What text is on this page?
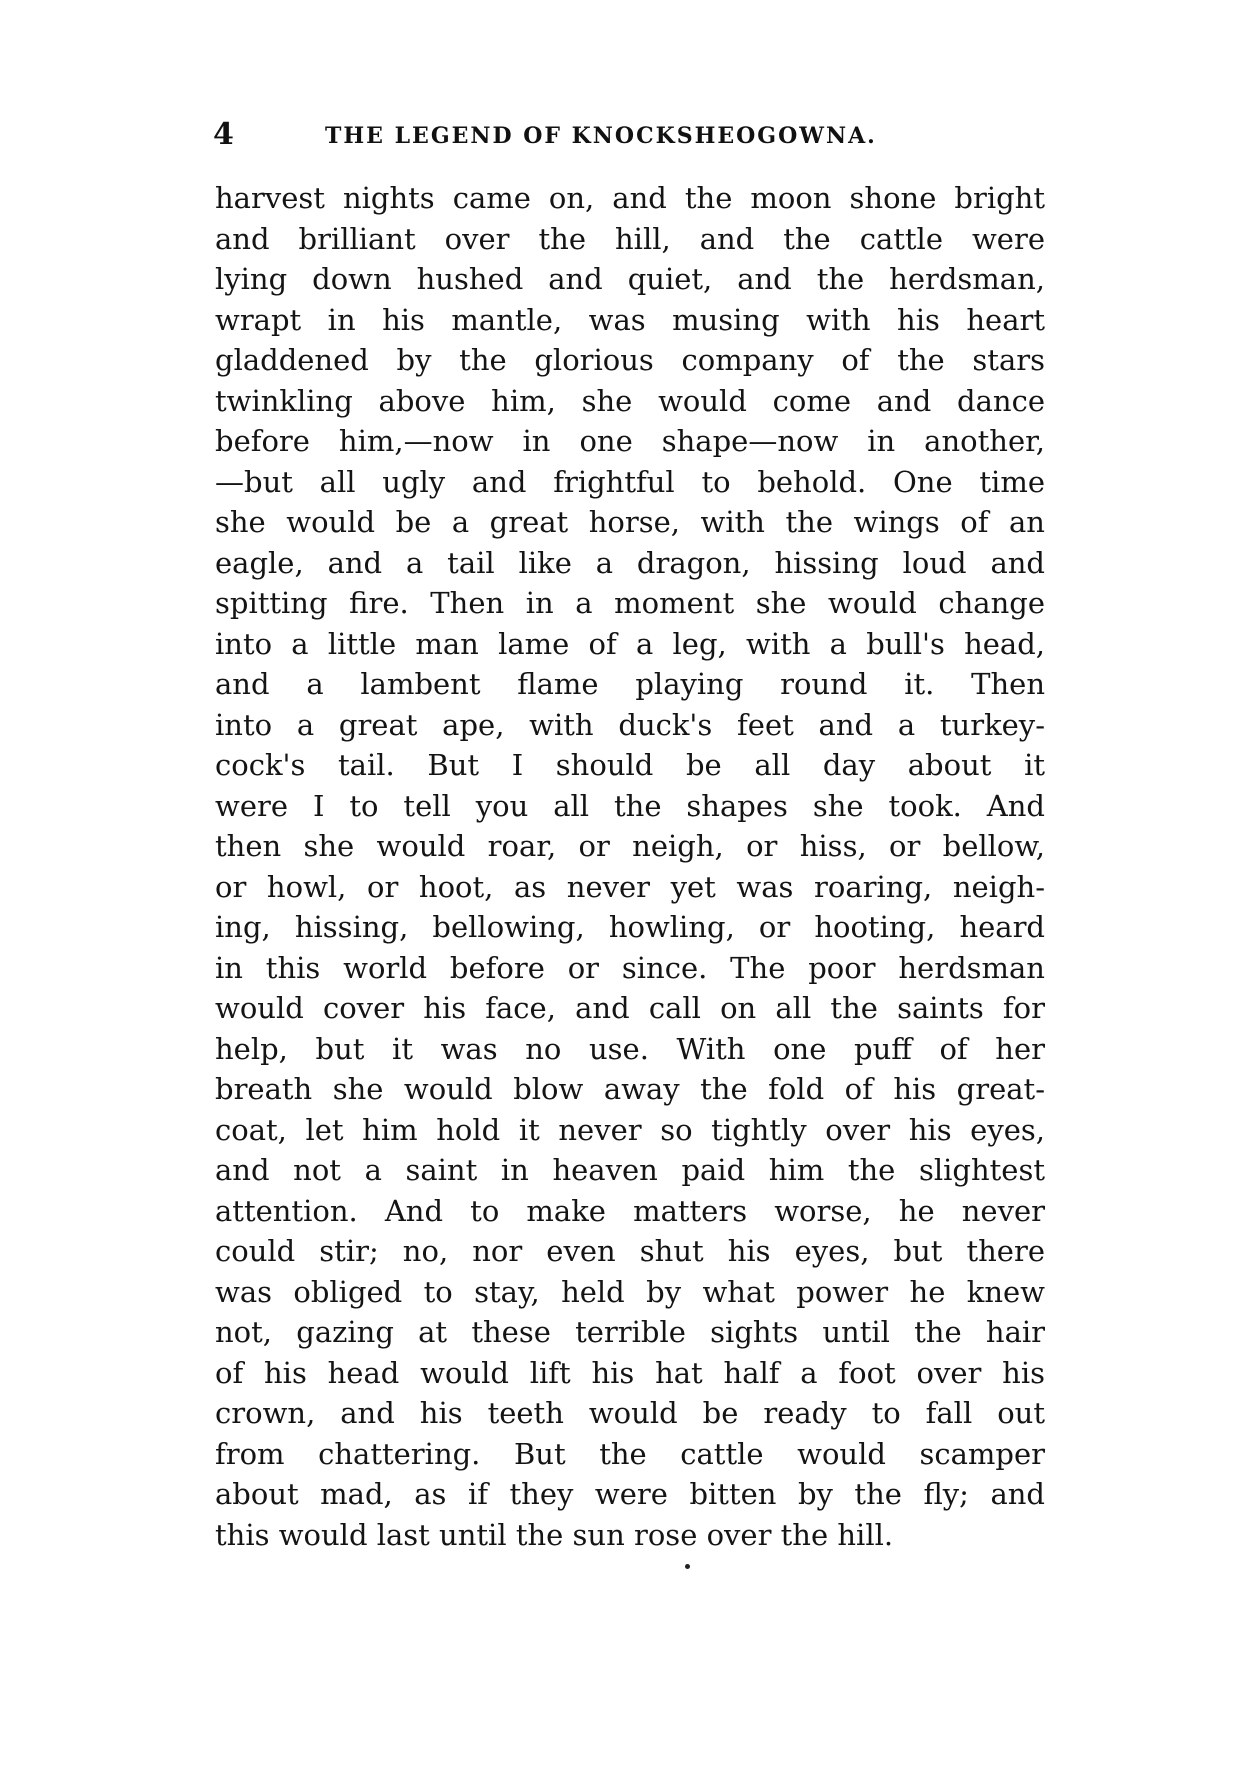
4	THE LEGEND OF KNOCKSHEOGOWNA.
harvest nights came on, and the moon shone bright
and brilliant over the hill, and the cattle were
lying down hushed and quiet, and the herdsman,
wrapt in his mantle, was musing with his heart
gladdened by the glorious company of the stars
twinkling above him, she would come and dance
before him,—now in one shape—now in another,
—but all ugly and frightful to behold. One time
she would be a great horse, with the wings of an
eagle, and a tail like a dragon, hissing loud and
spitting fire. Then in a moment she would change
into a little man lame of a leg, with a bull's head,
and a lambent flame playing round it. Then
into a great ape, with duck's feet and a turkey-
cock's tail. But I should be all day about it
were I to tell you all the shapes she took. And
then she would roar, or neigh, or hiss, or bellow,
or howl, or hoot, as never yet was roaring, neigh-
ing, hissing, bellowing, howling, or hooting, heard
in this world before or since. The poor herdsman
would cover his face, and call on all the saints for
help, but it was no use. With one puff of her
breath she would blow away the fold of his great-
coat, let him hold it never so tightly over his eyes,
and not a saint in heaven paid him the slightest
attention. And to make matters worse, he never
could stir; no, nor even shut his eyes, but there
was obliged to stay, held by what power he knew
not, gazing at these terrible sights until the hair
of his head would lift his hat half a foot over his
crown, and his teeth would be ready to fall out
from chattering. But the cattle would scamper
about mad, as if they were bitten by the fly; and
this would last until the sun rose over the hill.
